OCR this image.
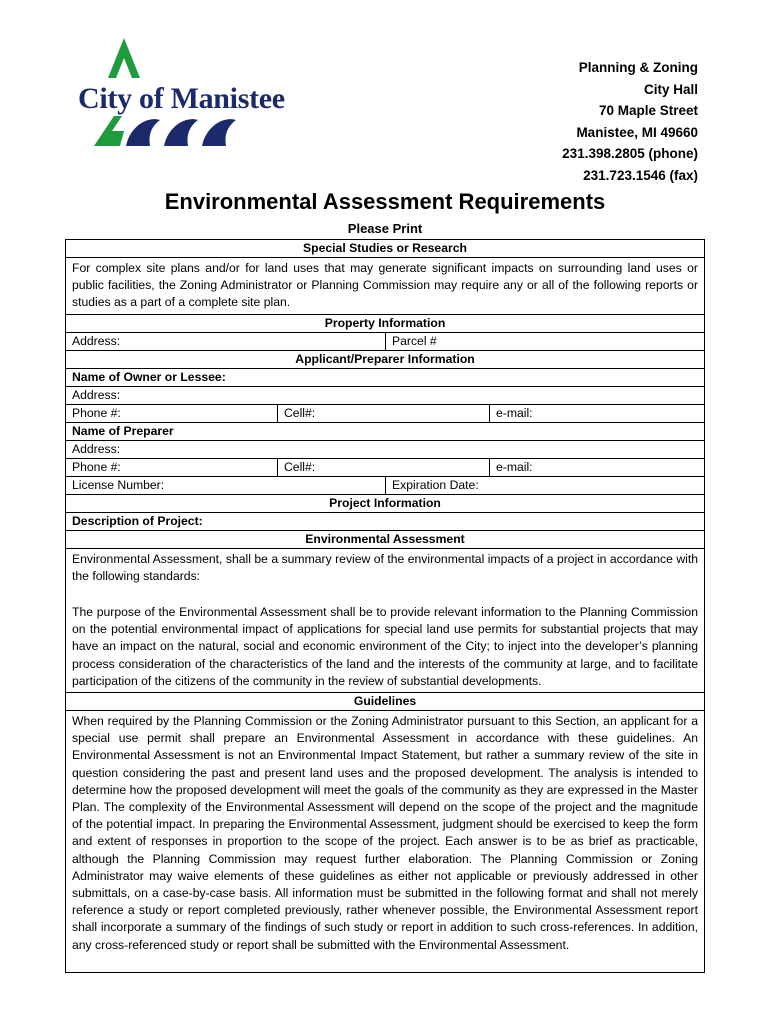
City of Manistee
Planning & Zoning
City Hall
70 Maple Street
Manistee, MI 49660
231.398.2805 (phone)
231.723.1546 (fax)
Environmental Assessment Requirements
Please Print
Special Studies or Research
For complex site plans and/or for land uses that may generate significant impacts on surrounding land uses or public facilities, the Zoning Administrator or Planning Commission may require any or all of the following reports or studies as a part of a complete site plan.
Property Information
Address:	Parcel #
Applicant/Preparer Information
Name of Owner or Lessee:
Address:
Phone #:	Cell#:	e-mail:
Name of Preparer
Address:
Phone #:	Cell#:	e-mail:
License Number:	Expiration Date:
Project Information
Description of Project:
Environmental Assessment
Environmental Assessment, shall be a summary review of the environmental impacts of a project in accordance with the following standards:
The purpose of the Environmental Assessment shall be to provide relevant information to the Planning Commission on the potential environmental impact of applications for special land use permits for substantial projects that may have an impact on the natural, social and economic environment of the City; to inject into the developer’s planning process consideration of the characteristics of the land and the interests of the community at large, and to facilitate participation of the citizens of the community in the review of substantial developments.
Guidelines
When required by the Planning Commission or the Zoning Administrator pursuant to this Section, an applicant for a special use permit shall prepare an Environmental Assessment in accordance with these guidelines. An Environmental Assessment is not an Environmental Impact Statement, but rather a summary review of the site in question considering the past and present land uses and the proposed development. The analysis is intended to determine how the proposed development will meet the goals of the community as they are expressed in the Master Plan. The complexity of the Environmental Assessment will depend on the scope of the project and the magnitude of the potential impact. In preparing the Environmental Assessment, judgment should be exercised to keep the form and extent of responses in proportion to the scope of the project. Each answer is to be as brief as practicable, although the Planning Commission may request further elaboration. The Planning Commission or Zoning Administrator may waive elements of these guidelines as either not applicable or previously addressed in other submittals, on a case-by-case basis. All information must be submitted in the following format and shall not merely reference a study or report completed previously, rather whenever possible, the Environmental Assessment report shall incorporate a summary of the findings of such study or report in addition to such cross-references. In addition, any cross-referenced study or report shall be submitted with the Environmental Assessment.
